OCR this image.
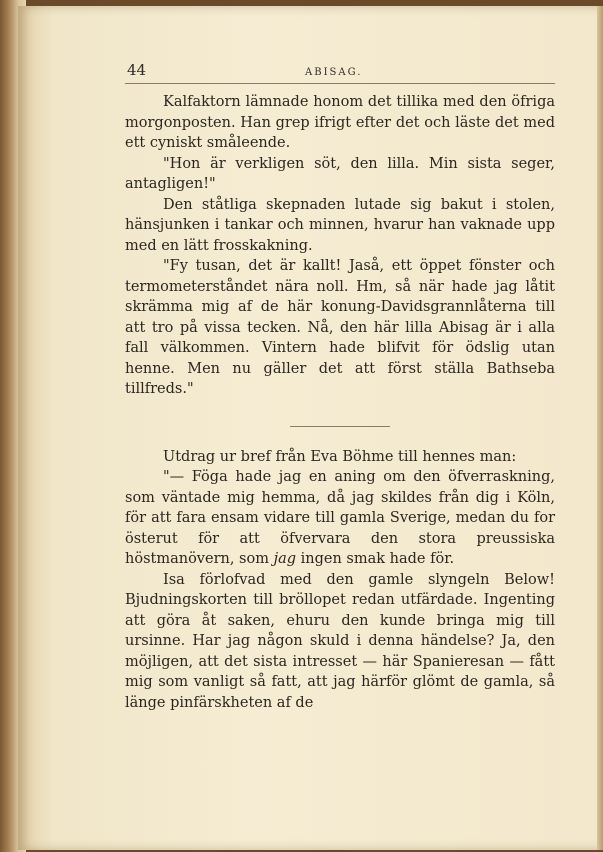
44	ABISAG.

Kalfaktorn lämnade honom det tillika med den öfriga morgonposten. Han grep ifrigt efter det och läste det med ett cyniskt småleende.

"Hon är verkligen söt, den lilla. Min sista seger, antagligen!"

Den ståtliga skepnaden lutade sig bakut i stolen, hänsjunken i tankar och minnen, hvarur han vaknade upp med en lätt frosskakning.

"Fy tusan, det är kallt! Jaså, ett öppet fönster och termometerståndet nära noll. Hm, så när hade jag låtit skrämma mig af de här konung-Davidsgrannlåterna till att tro på vissa tecken. Nå, den här lilla Abisag är i alla fall välkommen. Vintern hade blifvit för ödslig utan henne. Men nu gäller det att först ställa Bathseba tillfreds."

Utdrag ur bref från Eva Böhme till hennes man:

"— Föga hade jag en aning om den öfverraskning, som väntade mig hemma, då jag skildes från dig i Köln, för att fara ensam vidare till gamla Sverige, medan du for österut för att öfvervara den stora preussiska höstmanövern, som jag ingen smak hade för.

Isa förlofvad med den gamle slyngeln Below! Bjudningskorten till bröllopet redan utfärdade. Ingenting att göra åt saken, ehuru den kunde bringa mig till ursinne. Har jag någon skuld i denna händelse? Ja, den möjligen, att det sista intresset — här Spanieresan — fått mig som vanligt så fatt, att jag härför glömt de gamla, så länge pinfärskheten af de
